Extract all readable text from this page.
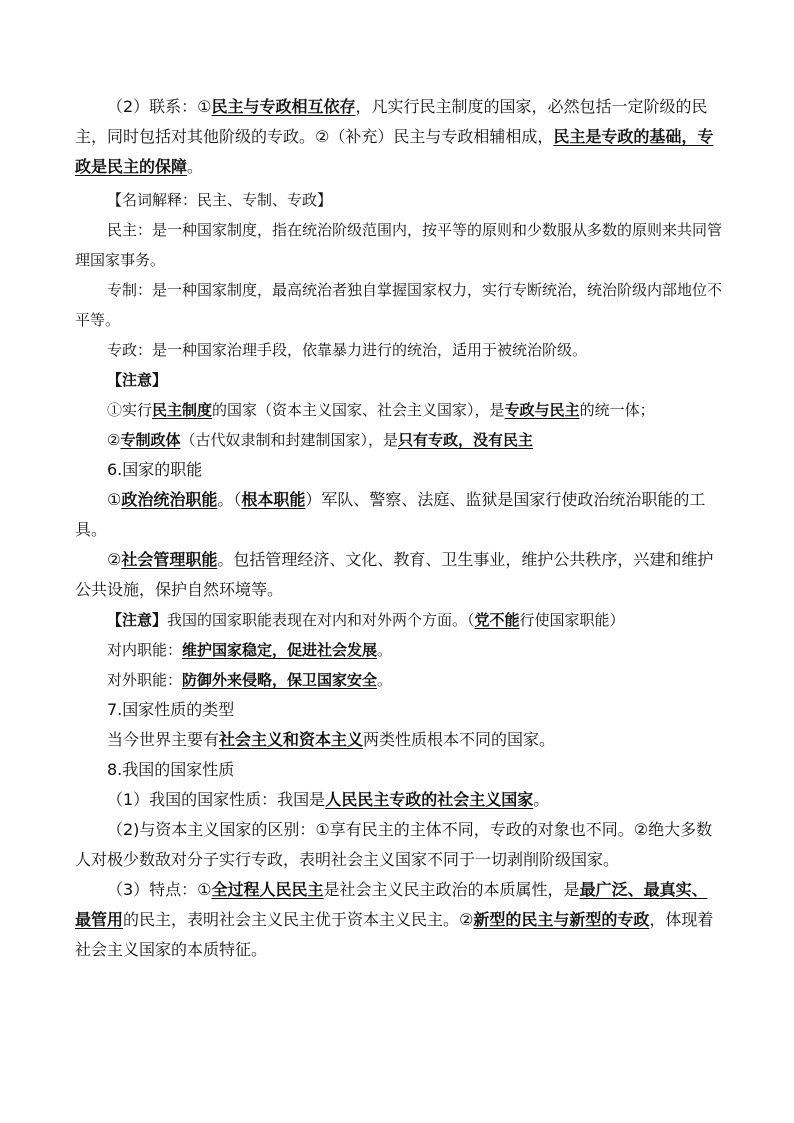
（2）联系：①民主与专政相互依存，凡实行民主制度的国家，必然包括一定阶级的民主，同时包括对其他阶级的专政。②（补充）民主与专政相辅相成，民主是专政的基础，专政是民主的保障。

【名词解释：民主、专制、专政】

民主：是一种国家制度，指在统治阶级范围内，按平等的原则和少数服从多数的原则来共同管理国家事务。

专制：是一种国家制度，最高统治者独自掌握国家权力，实行专断统治，统治阶级内部地位不平等。

专政：是一种国家治理手段，依靠暴力进行的统治，适用于被统治阶级。

【注意】

①实行民主制度的国家（资本主义国家、社会主义国家），是专政与民主的统一体；

②专制政体（古代奴隶制和封建制国家），是只有专政，没有民主

6.国家的职能

①政治统治职能。（根本职能）军队、警察、法庭、监狱是国家行使政治统治职能的工具。

②社会管理职能。包括管理经济、文化、教育、卫生事业，维护公共秩序，兴建和维护公共设施，保护自然环境等。

【注意】我国的国家职能表现在对内和对外两个方面。（党不能行使国家职能）

对内职能：维护国家稳定，促进社会发展。

对外职能：防御外来侵略，保卫国家安全。

7.国家性质的类型

当今世界主要有社会主义和资本主义两类性质根本不同的国家。

8.我国的国家性质

（1）我国的国家性质：我国是人民民主专政的社会主义国家。

（2)与资本主义国家的区别：①享有民主的主体不同，专政的对象也不同。②绝大多数人对极少数敌对分子实行专政，表明社会主义国家不同于一切剥削阶级国家。

（3）特点：①全过程人民民主是社会主义民主政治的本质属性，是最广泛、最真实、最管用的民主，表明社会主义民主优于资本主义民主。②新型的民主与新型的专政，体现着社会主义国家的本质特征。
